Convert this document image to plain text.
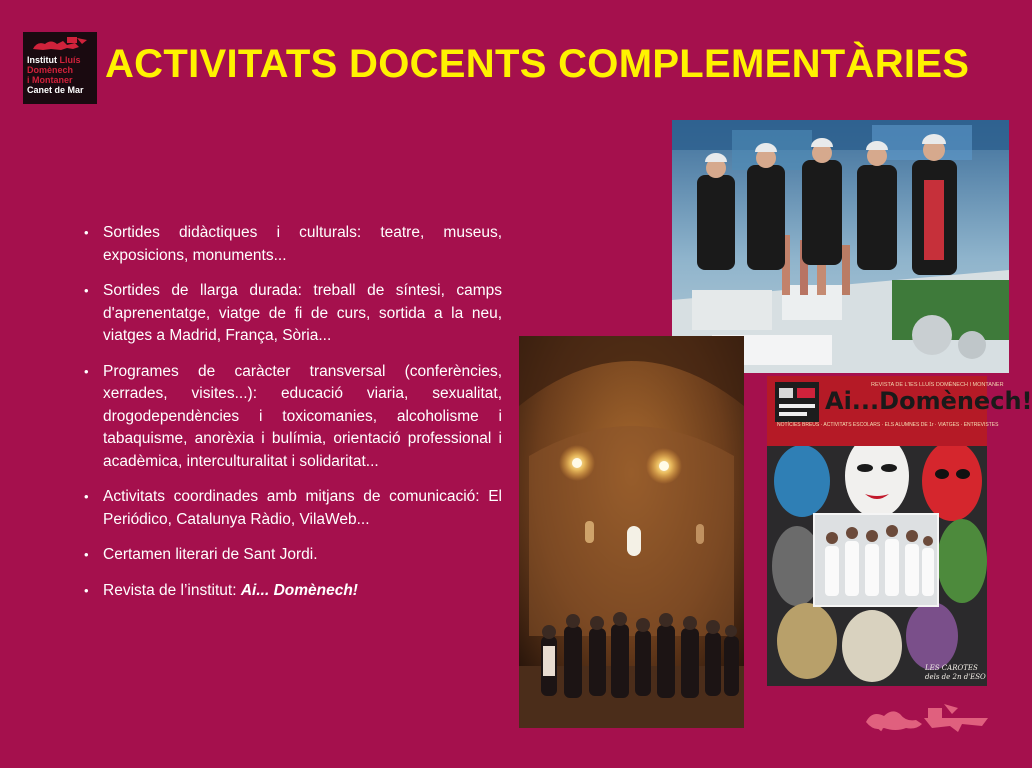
Institut Lluís
Domènech
i Montaner
Canet de Mar
ACTIVITATS DOCENTS COMPLEMENTÀRIES
• Sortides didàctiques i culturals: teatre, museus, exposicions, monuments...
• Sortides de llarga durada: treball de síntesi, camps d'aprenentatge, viatge de fi de curs, sortida a la neu, viatges a Madrid, França, Sòria...
• Programes de caràcter transversal (conferències, xerrades, visites...): educació viaria, sexualitat, drogodependències i toxicomanies, alcoholisme i tabaquisme, anorèxia i bulímia, orientació professional i acadèmica, interculturalitat i solidaritat...
• Activitats coordinades amb mitjans de comunicació: El Periódico, Catalunya Ràdio, VilaWeb...
• Certamen literari de Sant Jordi.
• Revista de l’institut: Ai... Domènech!
REVISTA DE L'IES LLUÍS DOMÈNECH I MONTANER
Ai...Domènech!
NOTÍCIES BREUS · ACTIVITATS ESCOLARS · ELS ALUMNES DE 1r · VIATGES · ENTREVISTES
LES CAROTES
dels de 2n d'ESO
